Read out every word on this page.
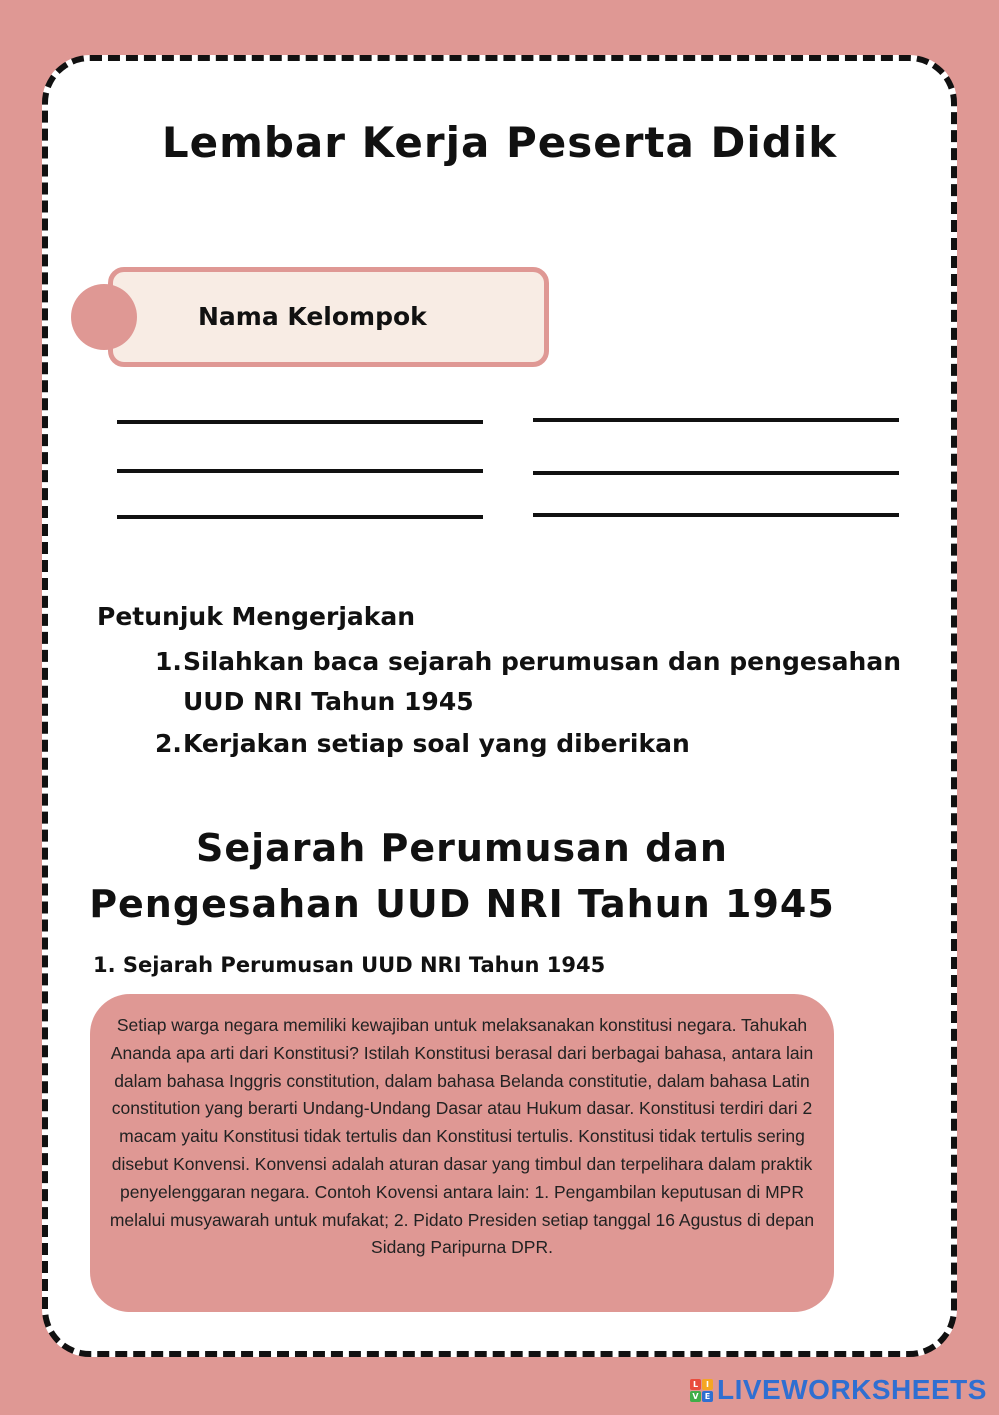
Lembar Kerja Peserta Didik
Nama Kelompok
Petunjuk Mengerjakan
1. Silahkan baca sejarah perumusan dan pengesahan UUD NRI Tahun 1945
2. Kerjakan setiap soal yang diberikan
Sejarah Perumusan dan
Pengesahan UUD NRI Tahun 1945
1. Sejarah Perumusan UUD NRI Tahun 1945
Setiap warga negara memiliki kewajiban untuk melaksanakan konstitusi negara. Tahukah Ananda apa arti dari Konstitusi? Istilah Konstitusi berasal dari berbagai bahasa, antara lain dalam bahasa Inggris constitution, dalam bahasa Belanda constitutie, dalam bahasa Latin constitution yang berarti Undang-Undang Dasar atau Hukum dasar. Konstitusi terdiri dari 2 macam yaitu Konstitusi tidak tertulis dan Konstitusi tertulis. Konstitusi tidak tertulis sering disebut Konvensi. Konvensi adalah aturan dasar yang timbul dan terpelihara dalam praktik penyelenggaran negara. Contoh Kovensi antara lain: 1. Pengambilan keputusan di MPR melalui musyawarah untuk mufakat; 2. Pidato Presiden setiap tanggal 16 Agustus di depan Sidang Paripurna DPR.
L I
V E LIVEWORKSHEETS
